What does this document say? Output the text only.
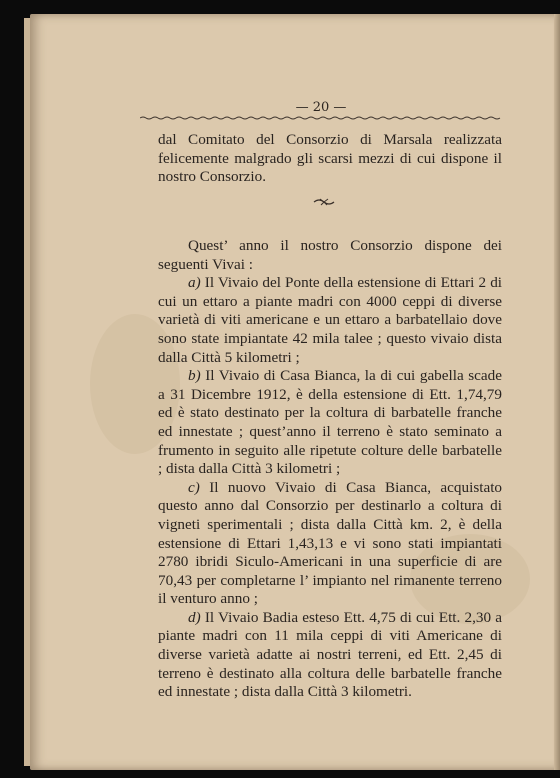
— 20 —

dal Comitato del Consorzio di Marsala realizzata felicemente malgrado gli scarsi mezzi di cui dispone il nostro Consorzio.

Quest’ anno il nostro Consorzio dispone dei seguenti Vivai :

a) Il Vivaio del Ponte della estensione di Ettari 2 di cui un ettaro a piante madri con 4000 ceppi di diverse varietà di viti americane e un ettaro a barbatellaio dove sono state impiantate 42 mila talee ; questo vivaio dista dalla Città 5 kilometri ;

b) Il Vivaio di Casa Bianca, la di cui gabella scade a 31 Dicembre 1912, è della estensione di Ett. 1,74,79 ed è stato destinato per la coltura di barbatelle franche ed innestate ; quest’anno il terreno è stato seminato a frumento in seguito alle ripetute colture delle barbatelle ; dista dalla Città 3 kilometri ;

c) Il nuovo Vivaio di Casa Bianca, acquistato questo anno dal Consorzio per destinarlo a coltura di vigneti sperimentali ; dista dalla Città km. 2, è della estensione di Ettari 1,43,13 e vi sono stati impiantati 2780 ibridi Siculo-Americani in una superficie di are 70,43 per completarne l’ impianto nel rimanente terreno il venturo anno ;

d) Il Vivaio Badia esteso Ett. 4,75 di cui Ett. 2,30 a piante madri con 11 mila ceppi di viti Americane di diverse varietà adatte ai nostri terreni, ed Ett. 2,45 di terreno è destinato alla coltura delle barbatelle franche ed innestate ; dista dalla Città 3 kilometri.
